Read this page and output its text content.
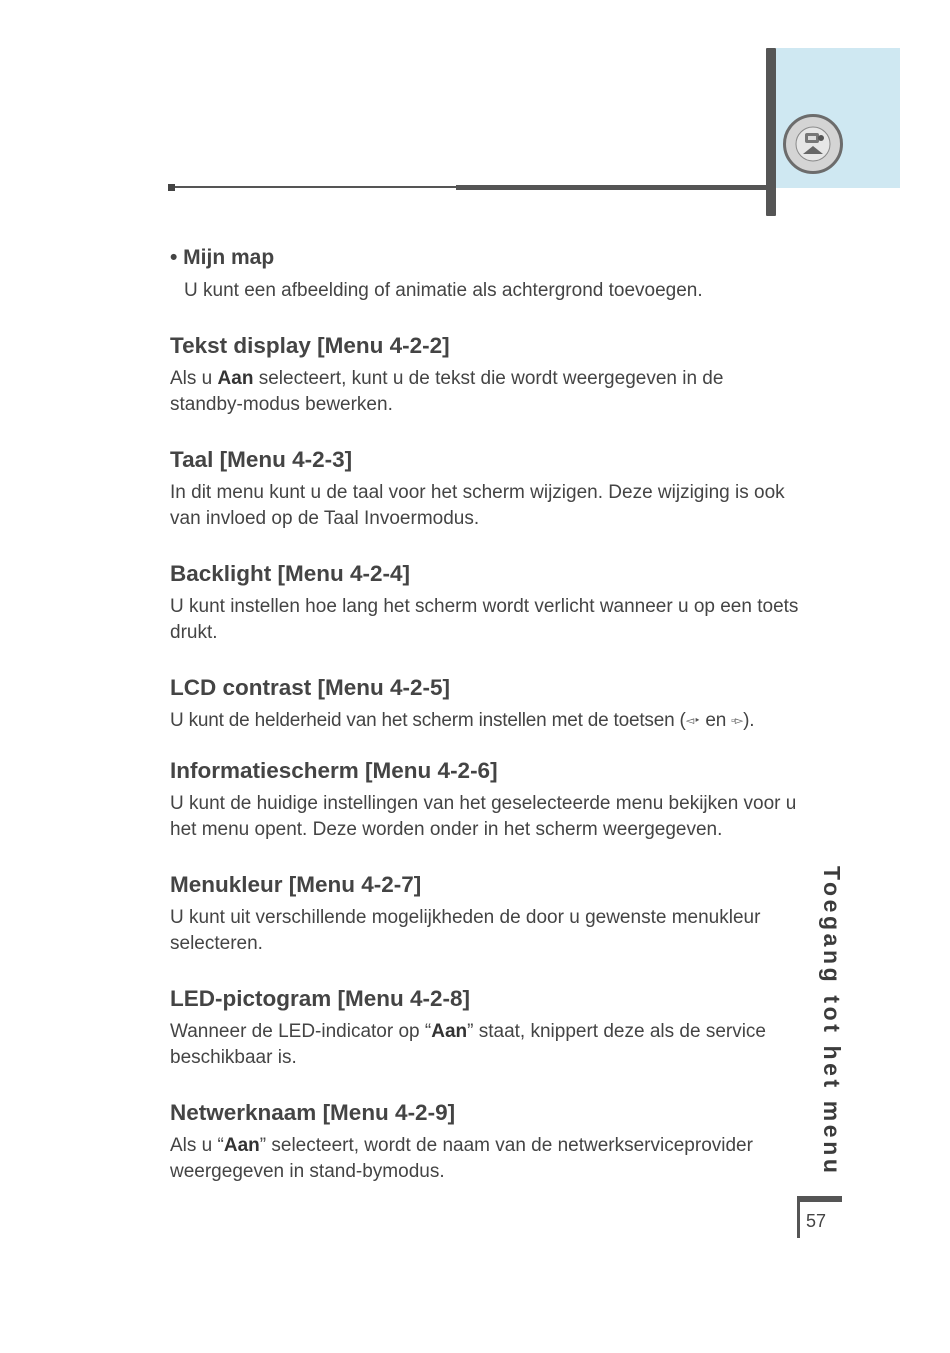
• Mijn map

U kunt een afbeelding of animatie als achtergrond toevoegen.

Tekst display [Menu 4-2-2]

Als u Aan selecteert, kunt u de tekst die wordt weergegeven in de standby-modus bewerken.

Taal [Menu 4-2-3]

In dit menu kunt u de taal voor het scherm wijzigen. Deze wijziging is ook van invloed op de Taal Invoermodus.

Backlight [Menu 4-2-4]

U kunt instellen hoe lang het scherm wordt verlicht wanneer u op een toets drukt.

LCD contrast [Menu 4-2-5]

U kunt de helderheid van het scherm instellen met de toetsen (◅‣ en ▫▻).

Informatiescherm [Menu 4-2-6]

U kunt de huidige instellingen van het geselecteerde menu bekijken voor u het menu opent. Deze worden onder in het scherm weergegeven.

Menukleur [Menu 4-2-7]

U kunt uit verschillende mogelijkheden de door u gewenste menukleur selecteren.

LED-pictogram [Menu 4-2-8]

Wanneer de LED-indicator op “Aan” staat, knippert deze als de service beschikbaar is.

Netwerknaam [Menu 4-2-9]

Als u “Aan” selecteert, wordt de naam van de netwerkserviceprovider weergegeven in stand-bymodus.	Toegang tot het menu
57
